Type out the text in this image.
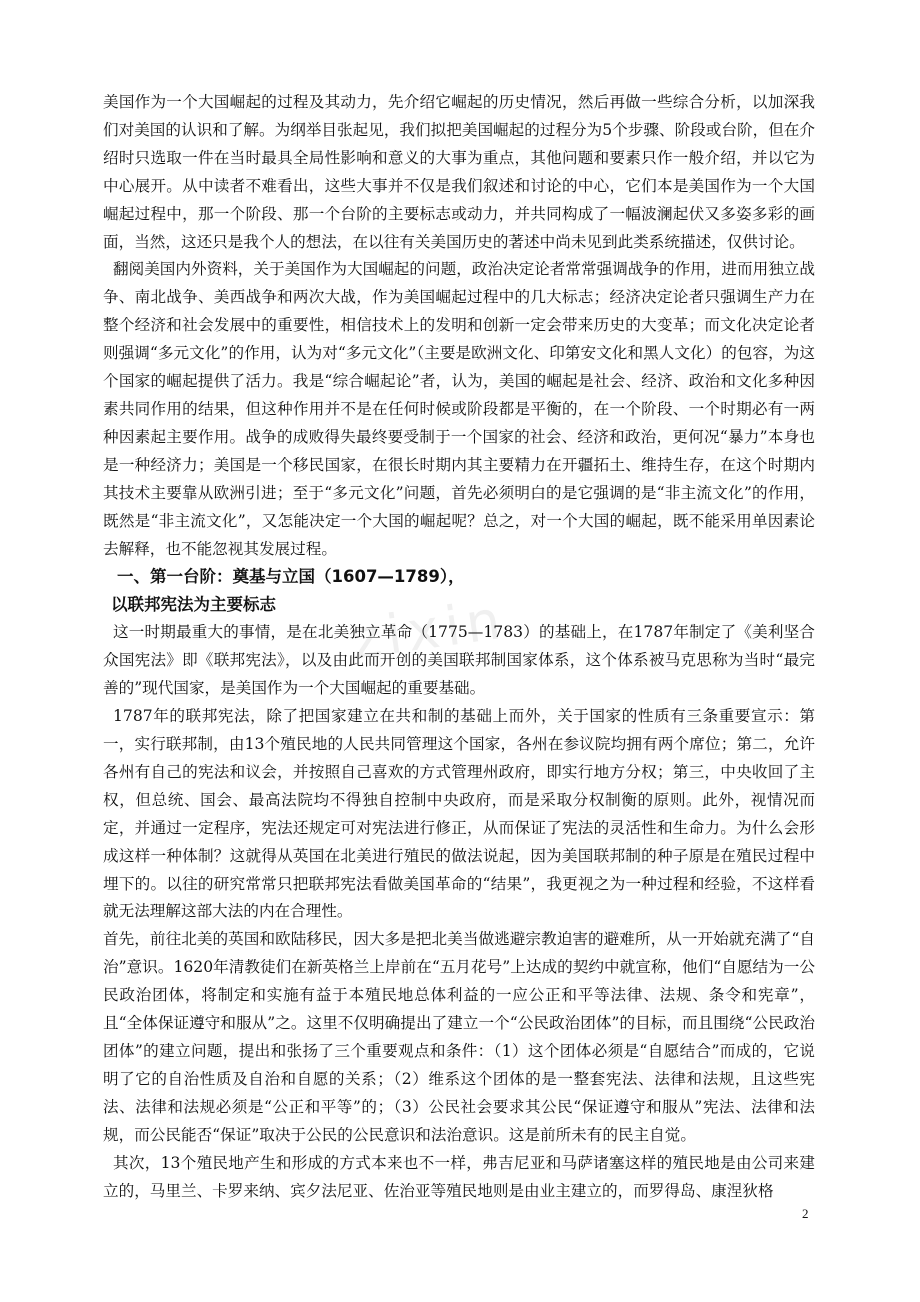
zixin

美国作为一个大国崛起的过程及其动力，先介绍它崛起的历史情况，然后再做一些综合分析，以加深我们对美国的认识和了解。为纲举目张起见，我们拟把美国崛起的过程分为5个步骤、阶段或台阶，但在介绍时只选取一件在当时最具全局性影响和意义的大事为重点，其他问题和要素只作一般介绍，并以它为中心展开。从中读者不难看出，这些大事并不仅是我们叙述和讨论的中心，它们本是美国作为一个大国崛起过程中，那一个阶段、那一个台阶的主要标志或动力，并共同构成了一幅波澜起伏又多姿多彩的画面，当然，这还只是我个人的想法，在以往有关美国历史的著述中尚未见到此类系统描述，仅供讨论。

翻阅美国内外资料，关于美国作为大国崛起的问题，政治决定论者常常强调战争的作用，进而用独立战争、南北战争、美西战争和两次大战，作为美国崛起过程中的几大标志；经济决定论者只强调生产力在整个经济和社会发展中的重要性，相信技术上的发明和创新一定会带来历史的大变革；而文化决定论者则强调“多元文化”的作用，认为对“多元文化”（主要是欧洲文化、印第安文化和黑人文化）的包容，为这个国家的崛起提供了活力。我是“综合崛起论”者，认为，美国的崛起是社会、经济、政治和文化多种因素共同作用的结果，但这种作用并不是在任何时候或阶段都是平衡的，在一个阶段、一个时期必有一两种因素起主要作用。战争的成败得失最终要受制于一个国家的社会、经济和政治，更何况“暴力”本身也是一种经济力；美国是一个移民国家，在很长时期内其主要精力在开疆拓土、维持生存，在这个时期内其技术主要靠从欧洲引进；至于“多元文化”问题，首先必须明白的是它强调的是“非主流文化”的作用，既然是“非主流文化”，又怎能决定一个大国的崛起呢？总之，对一个大国的崛起，既不能采用单因素论去解释，也不能忽视其发展过程。

一、第一台阶：奠基与立国（1607—1789），

以联邦宪法为主要标志

这一时期最重大的事情，是在北美独立革命（1775—1783）的基础上，在1787年制定了《美利坚合众国宪法》即《联邦宪法》，以及由此而开创的美国联邦制国家体系，这个体系被马克思称为当时“最完善的”现代国家，是美国作为一个大国崛起的重要基础。

1787年的联邦宪法，除了把国家建立在共和制的基础上而外，关于国家的性质有三条重要宣示：第一，实行联邦制，由13个殖民地的人民共同管理这个国家，各州在参议院均拥有两个席位；第二，允许各州有自己的宪法和议会，并按照自己喜欢的方式管理州政府，即实行地方分权；第三，中央收回了主权，但总统、国会、最高法院均不得独自控制中央政府，而是采取分权制衡的原则。此外，视情况而定，并通过一定程序，宪法还规定可对宪法进行修正，从而保证了宪法的灵活性和生命力。为什么会形成这样一种体制？这就得从英国在北美进行殖民的做法说起，因为美国联邦制的种子原是在殖民过程中埋下的。以往的研究常常只把联邦宪法看做美国革命的“结果”，我更视之为一种过程和经验，不这样看就无法理解这部大法的内在合理性。

首先，前往北美的英国和欧陆移民，因大多是把北美当做逃避宗教迫害的避难所，从一开始就充满了“自治”意识。1620年清教徒们在新英格兰上岸前在“五月花号”上达成的契约中就宣称，他们“自愿结为一公民政治团体，将制定和实施有益于本殖民地总体利益的一应公正和平等法律、法规、条令和宪章”，且“全体保证遵守和服从”之。这里不仅明确提出了建立一个“公民政治团体”的目标，而且围绕“公民政治团体”的建立问题，提出和张扬了三个重要观点和条件：（1）这个团体必须是“自愿结合”而成的，它说明了它的自治性质及自治和自愿的关系；（2）维系这个团体的是一整套宪法、法律和法规，且这些宪法、法律和法规必须是“公正和平等”的；（3）公民社会要求其公民“保证遵守和服从”宪法、法律和法规，而公民能否“保证”取决于公民的公民意识和法治意识。这是前所未有的民主自觉。

其次，13个殖民地产生和形成的方式本来也不一样，弗吉尼亚和马萨诸塞这样的殖民地是由公司来建立的，马里兰、卡罗来纳、宾夕法尼亚、佐治亚等殖民地则是由业主建立的，而罗得岛、康涅狄格

2
